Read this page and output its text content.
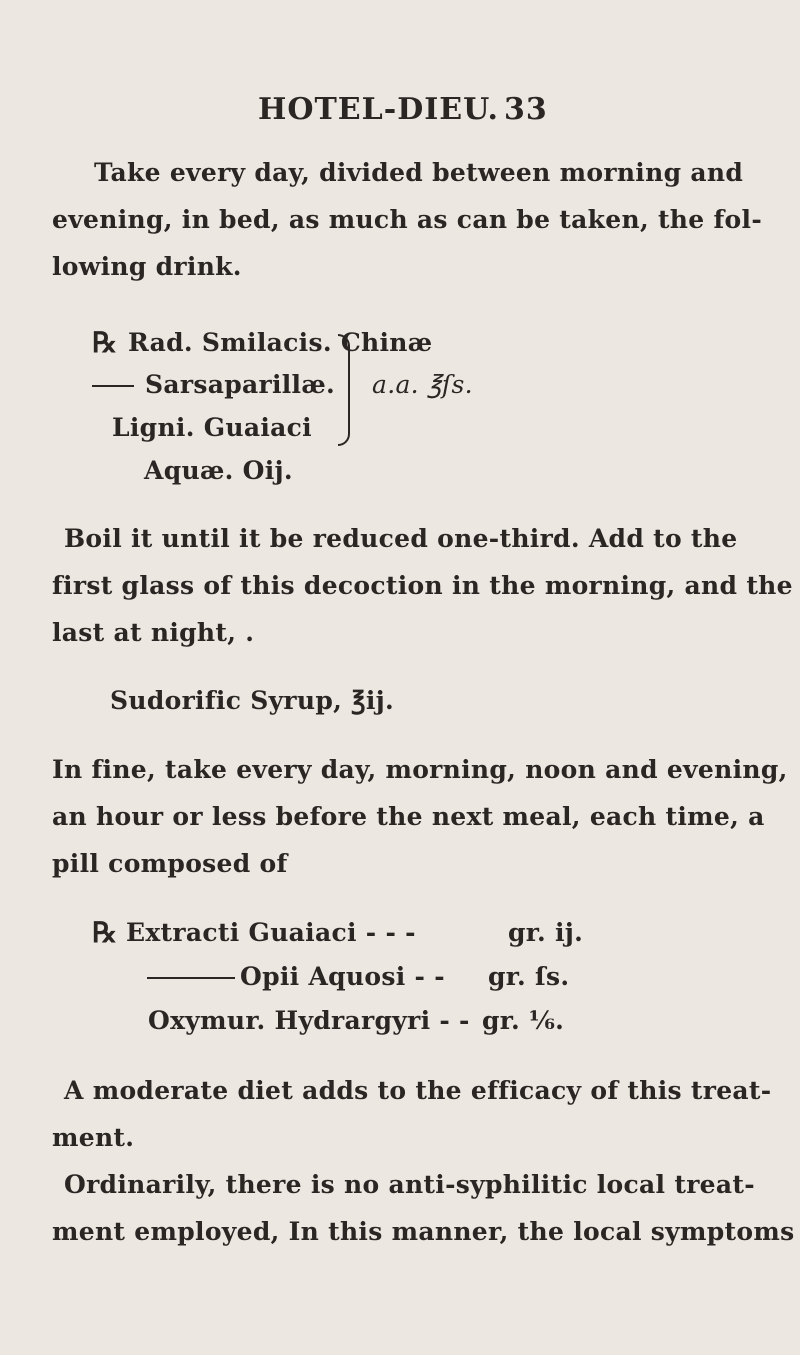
HOTEL-DIEU. 33
Take every day, divided between morning and
evening, in bed, as much as can be taken, the fol-
lowing drink.
℞ Rad. Smilacis. Chinæ
Sarsaparillæ.
Ligni. Guaiaci
a.a. ℥ſs.
Aquæ. Oij.
Boil it until it be reduced one-third. Add to the
first glass of this decoction in the morning, and the
last at night, .
Sudorific Syrup, ℥ij.
In fine, take every day, morning, noon and evening,
an hour or less before the next meal, each time, a
pill composed of
℞ Extracti Guaiaci - - -	gr. ij.
Opii Aquosi - - gr. ſs.
Oxymur. Hydrargyri - - gr. ⅙.
A moderate diet adds to the efficacy of this treat-
ment.
Ordinarily, there is no anti-syphilitic local treat-
ment employed, In this manner, the local symptoms
